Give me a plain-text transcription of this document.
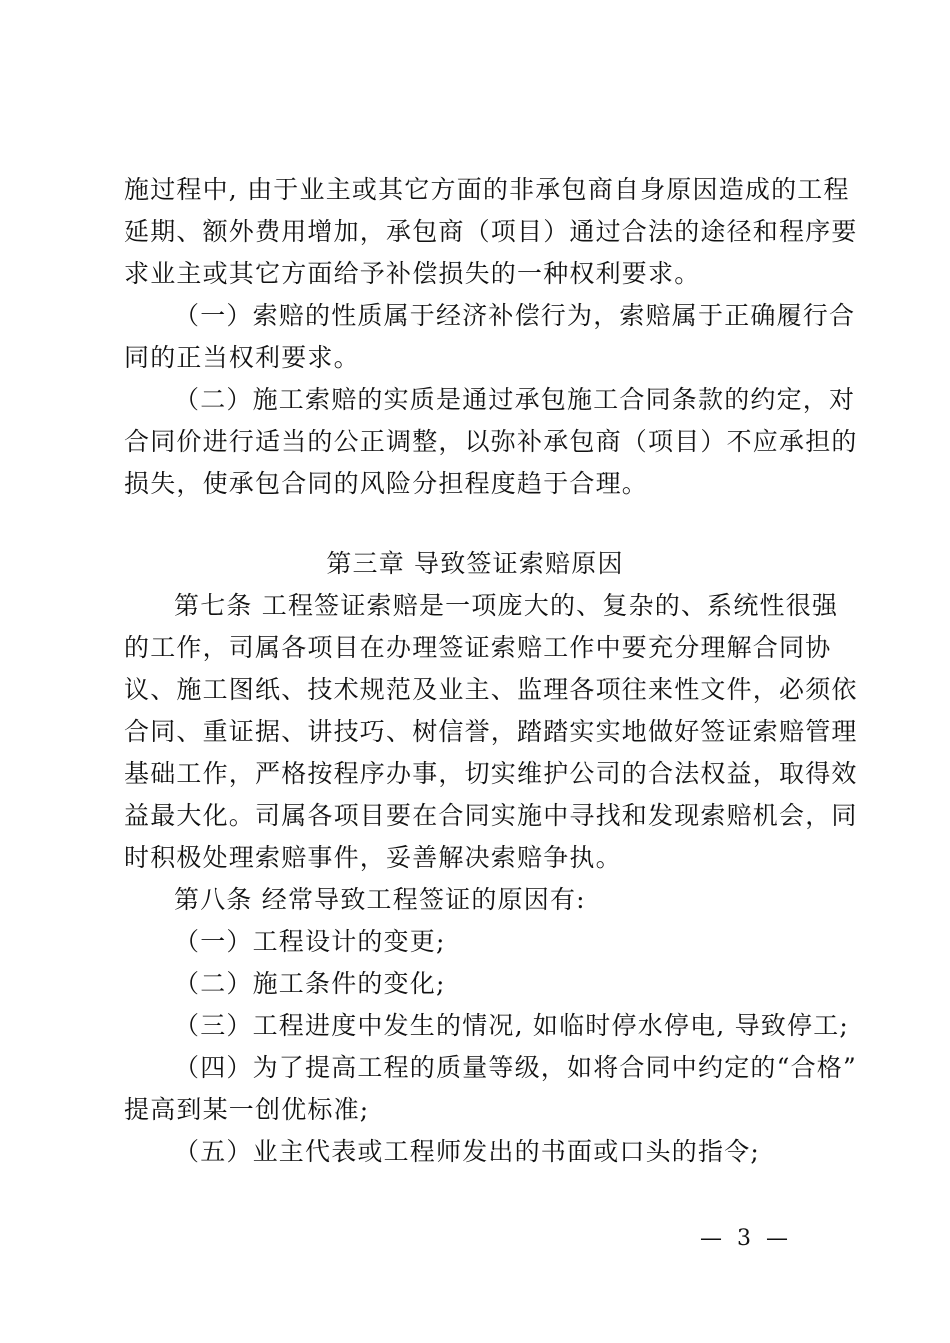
施过程中, 由于业主或其它方面的非承包商自身原因造成的工程
延期、额外费用增加，承包商（项目）通过合法的途径和程序要
求业主或其它方面给予补偿损失的一种权利要求。
（一）索赔的性质属于经济补偿行为，索赔属于正确履行合
同的正当权利要求。
（二）施工索赔的实质是通过承包施工合同条款的约定，对
合同价进行适当的公正调整，以弥补承包商（项目）不应承担的
损失，使承包合同的风险分担程度趋于合理。
第三章 导致签证索赔原因
第七条 工程签证索赔是一项庞大的、复杂的、系统性很强
的工作，司属各项目在办理签证索赔工作中要充分理解合同协
议、施工图纸、技术规范及业主、监理各项往来性文件，必须依
合同、重证据、讲技巧、树信誉，踏踏实实地做好签证索赔管理
基础工作，严格按程序办事，切实维护公司的合法权益，取得效
益最大化。司属各项目要在合同实施中寻找和发现索赔机会，同
时积极处理索赔事件，妥善解决索赔争执。
第八条 经常导致工程签证的原因有:
（一）工程设计的变更;
（二）施工条件的变化;
（三）工程进度中发生的情况, 如临时停水停电, 导致停工;
（四）为了提高工程的质量等级，如将合同中约定的“合格”
提高到某一创优标准;
（五）业主代表或工程师发出的书面或口头的指令;
— 3 —
